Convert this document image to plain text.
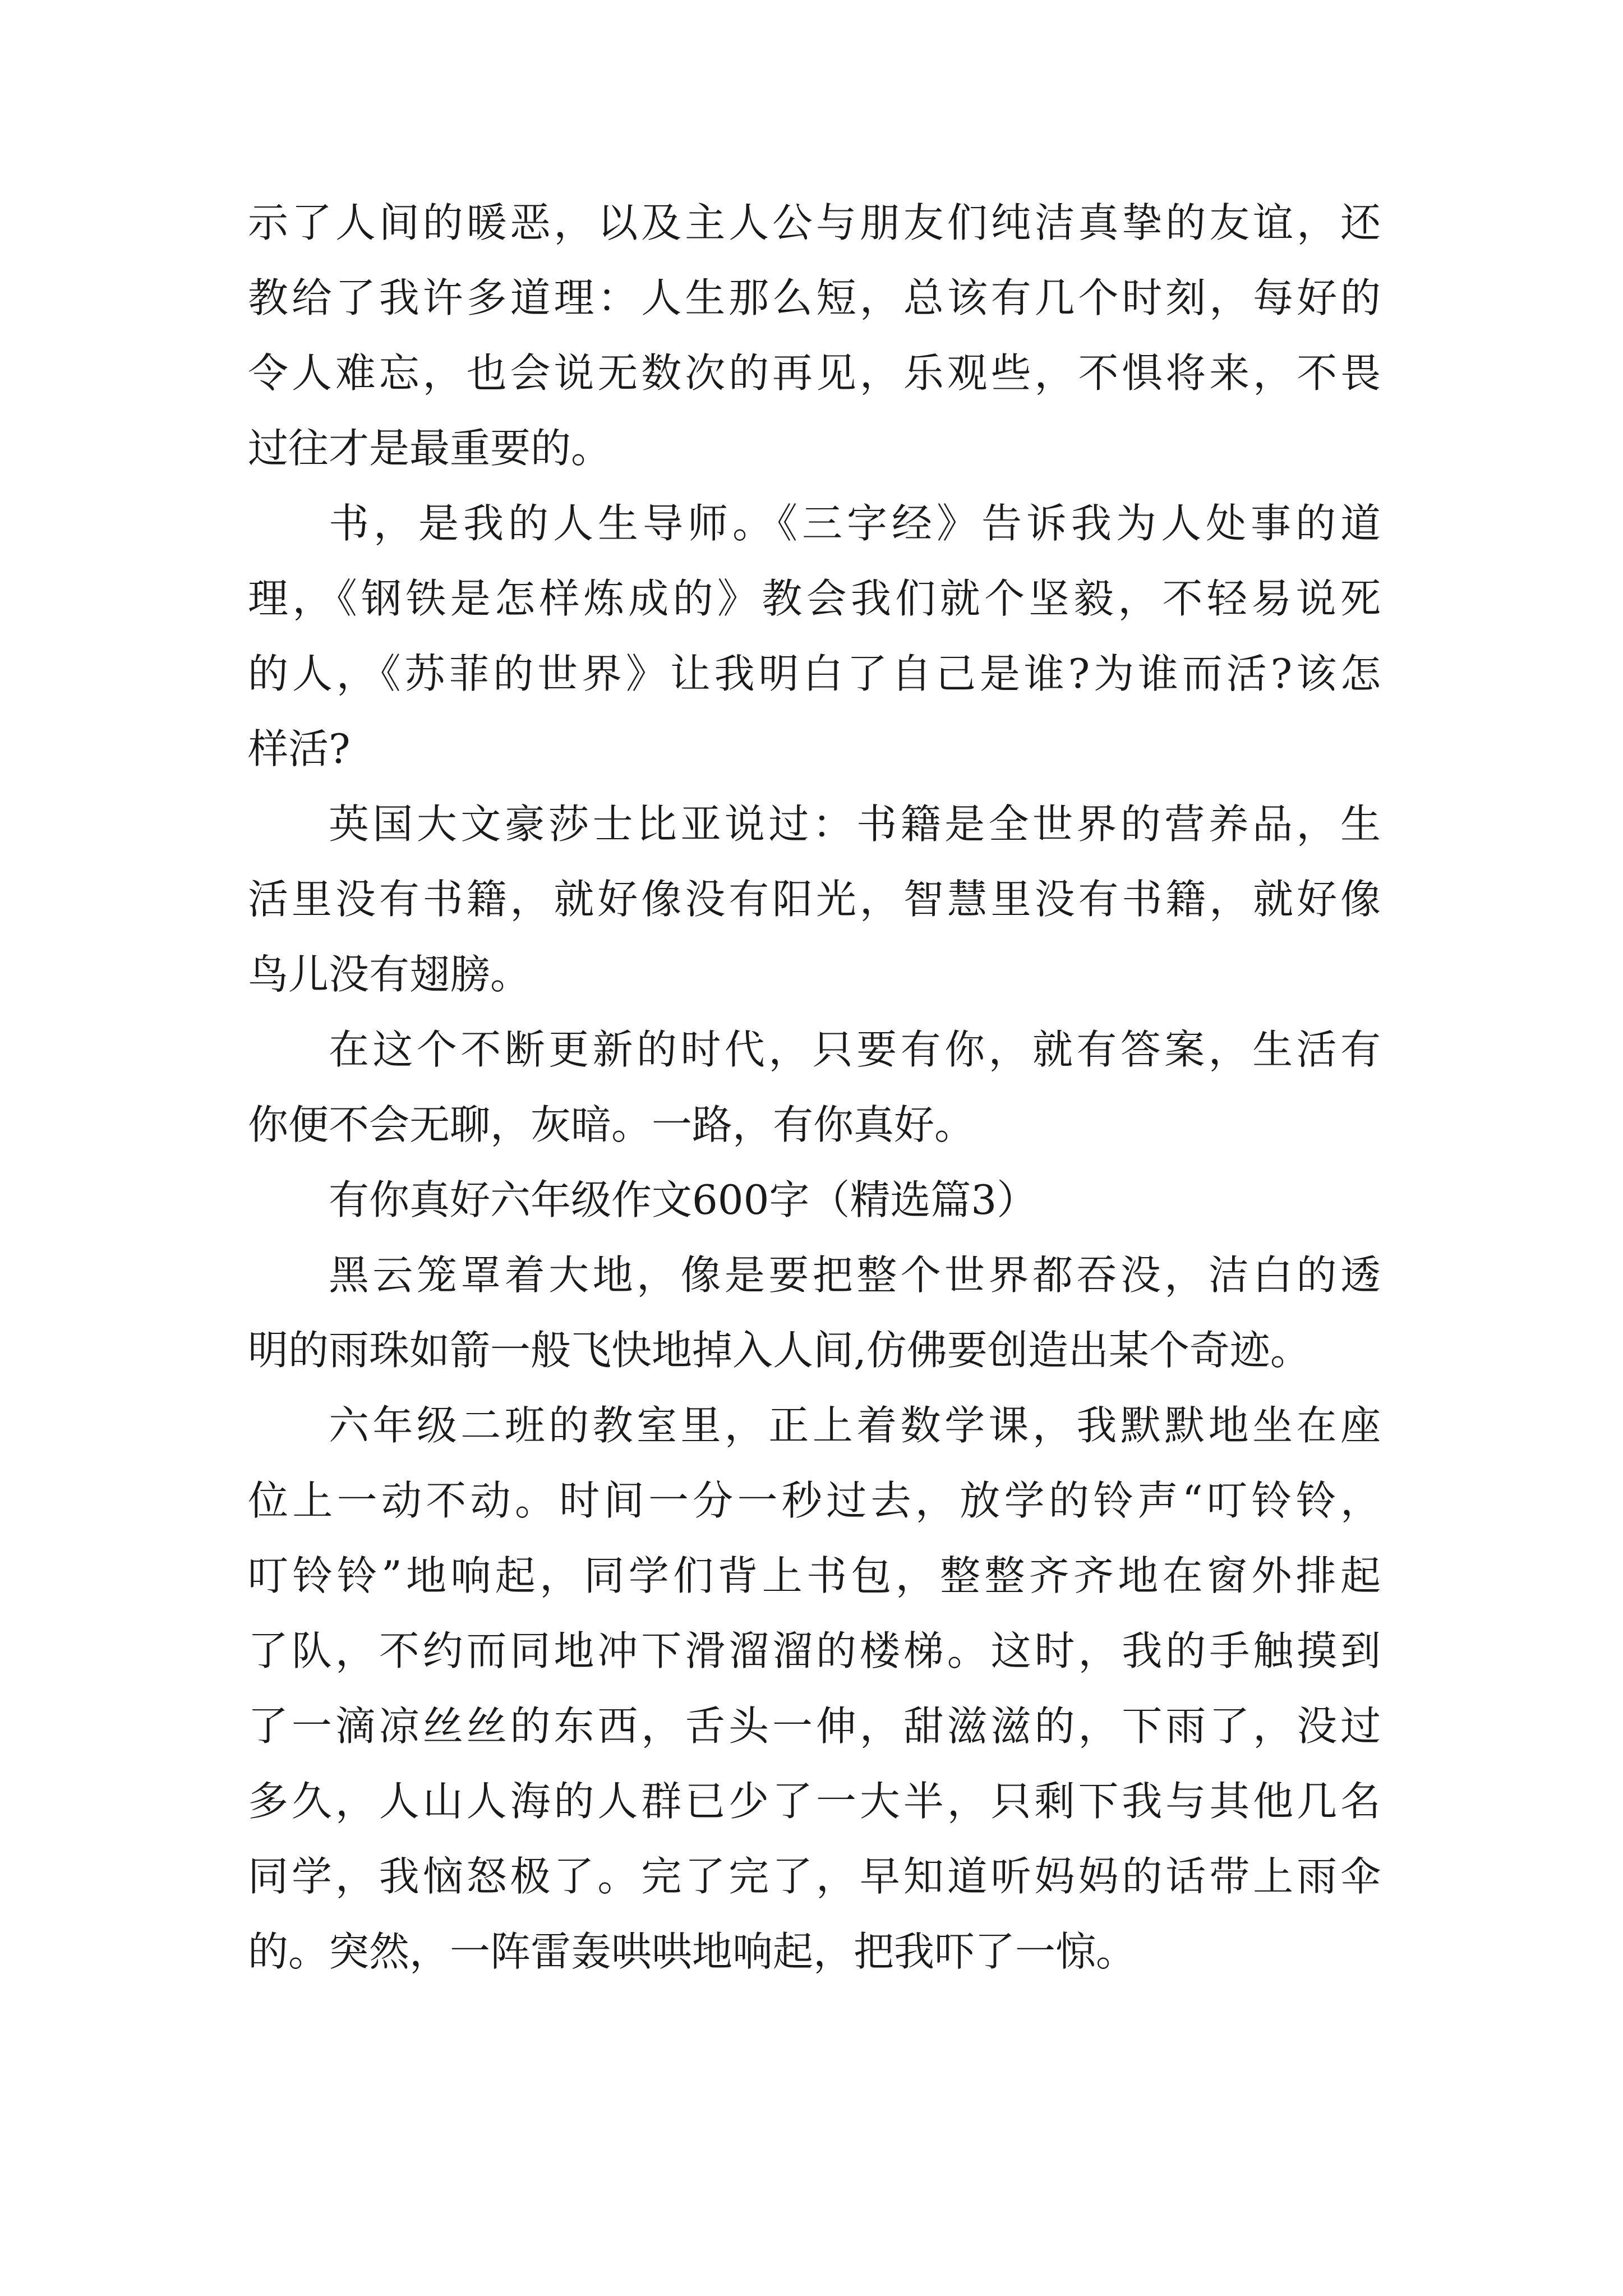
示了人间的暖恶，以及主人公与朋友们纯洁真挚的友谊，还
教给了我许多道理：人生那么短，总该有几个时刻，每好的
令人难忘，也会说无数次的再见，乐观些，不惧将来，不畏
过往才是最重要的。
书，是我的人生导师。《三字经》告诉我为人处事的道
理，《钢铁是怎样炼成的》教会我们就个坚毅，不轻易说死
的人，《苏菲的世界》让我明白了自己是谁?为谁而活?该怎
样活?
英国大文豪莎士比亚说过：书籍是全世界的营养品，生
活里没有书籍，就好像没有阳光，智慧里没有书籍，就好像
鸟儿没有翅膀。
在这个不断更新的时代，只要有你，就有答案，生活有
你便不会无聊，灰暗。一路，有你真好。
有你真好六年级作文600字（精选篇3）
黑云笼罩着大地，像是要把整个世界都吞没，洁白的透
明的雨珠如箭一般飞快地掉入人间,仿佛要创造出某个奇迹。
六年级二班的教室里，正上着数学课，我默默地坐在座
位上一动不动。时间一分一秒过去，放学的铃声“叮铃铃，
叮铃铃”地响起，同学们背上书包，整整齐齐地在窗外排起
了队，不约而同地冲下滑溜溜的楼梯。这时，我的手触摸到
了一滴凉丝丝的东西，舌头一伸，甜滋滋的，下雨了，没过
多久，人山人海的人群已少了一大半，只剩下我与其他几名
同学，我恼怒极了。完了完了，早知道听妈妈的话带上雨伞
的。突然，一阵雷轰哄哄地响起，把我吓了一惊。
